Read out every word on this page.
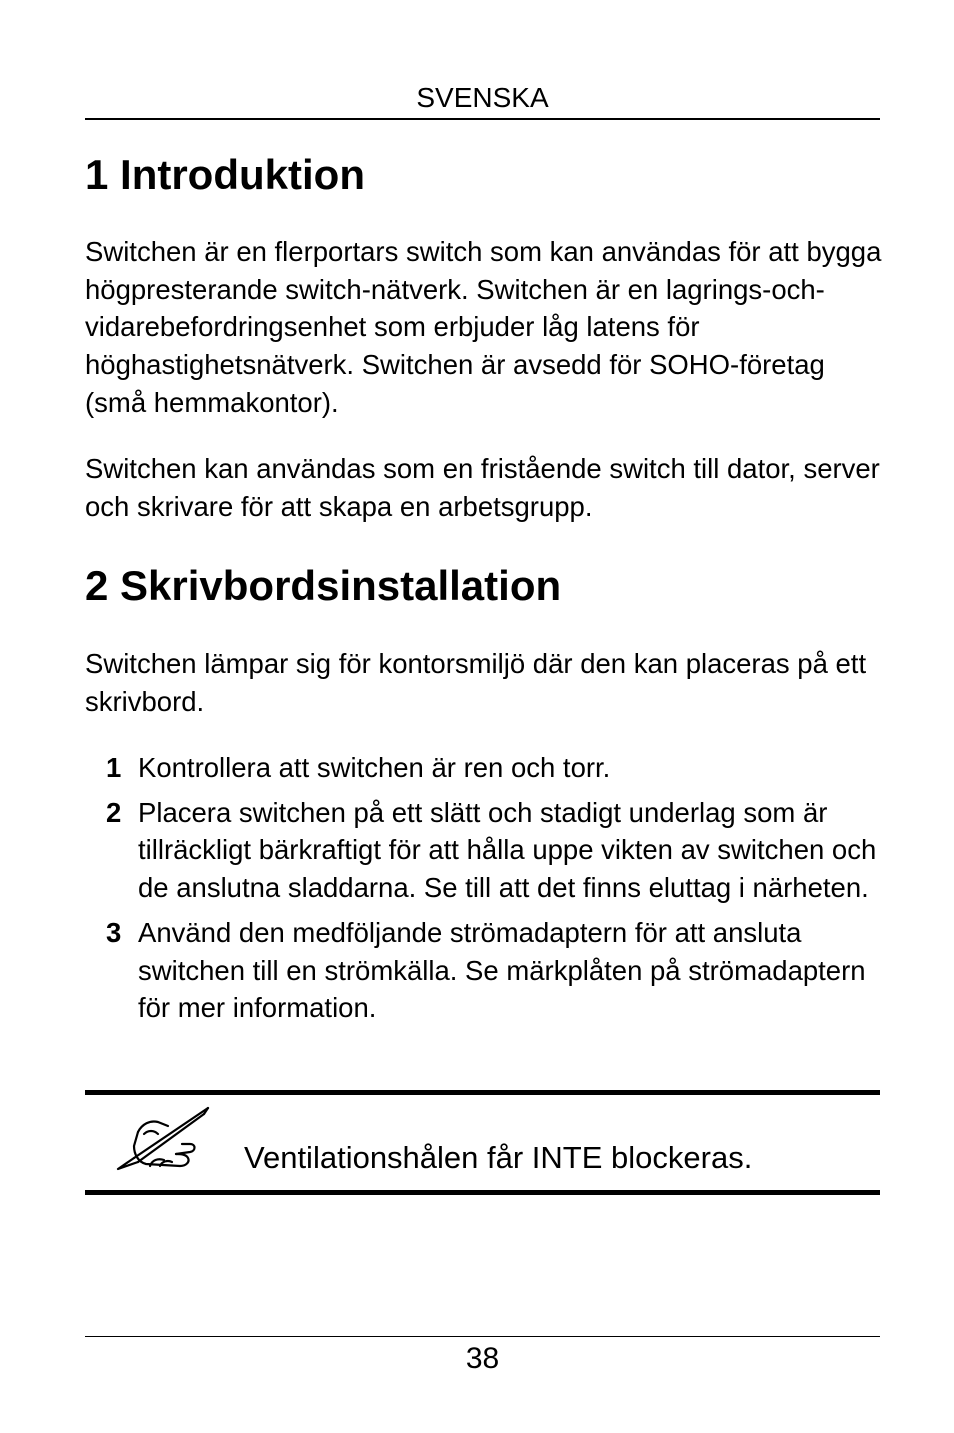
SVENSKA
1 Introduktion

Switchen är en flerportars switch som kan användas för att bygga högpresterande switch-nätverk. Switchen är en lagrings-och-vidarebefordringsenhet som erbjuder låg latens för höghastighetsnätverk. Switchen är avsedd för SOHO-företag (små hemmakontor).

Switchen kan användas som en fristående switch till dator, server och skrivare för att skapa en arbetsgrupp.

2 Skrivbordsinstallation

Switchen lämpar sig för kontorsmiljö där den kan placeras på ett skrivbord.

1 Kontrollera att switchen är ren och torr.
2 Placera switchen på ett slätt och stadigt underlag som är tillräckligt bärkraftigt för att hålla uppe vikten av switchen och de anslutna sladdarna. Se till att det finns eluttag i närheten.
3 Använd den medföljande strömadaptern för att ansluta switchen till en strömkälla. Se märkplåten på strömadaptern för mer information.
Ventilationshålen får INTE blockeras.
38
